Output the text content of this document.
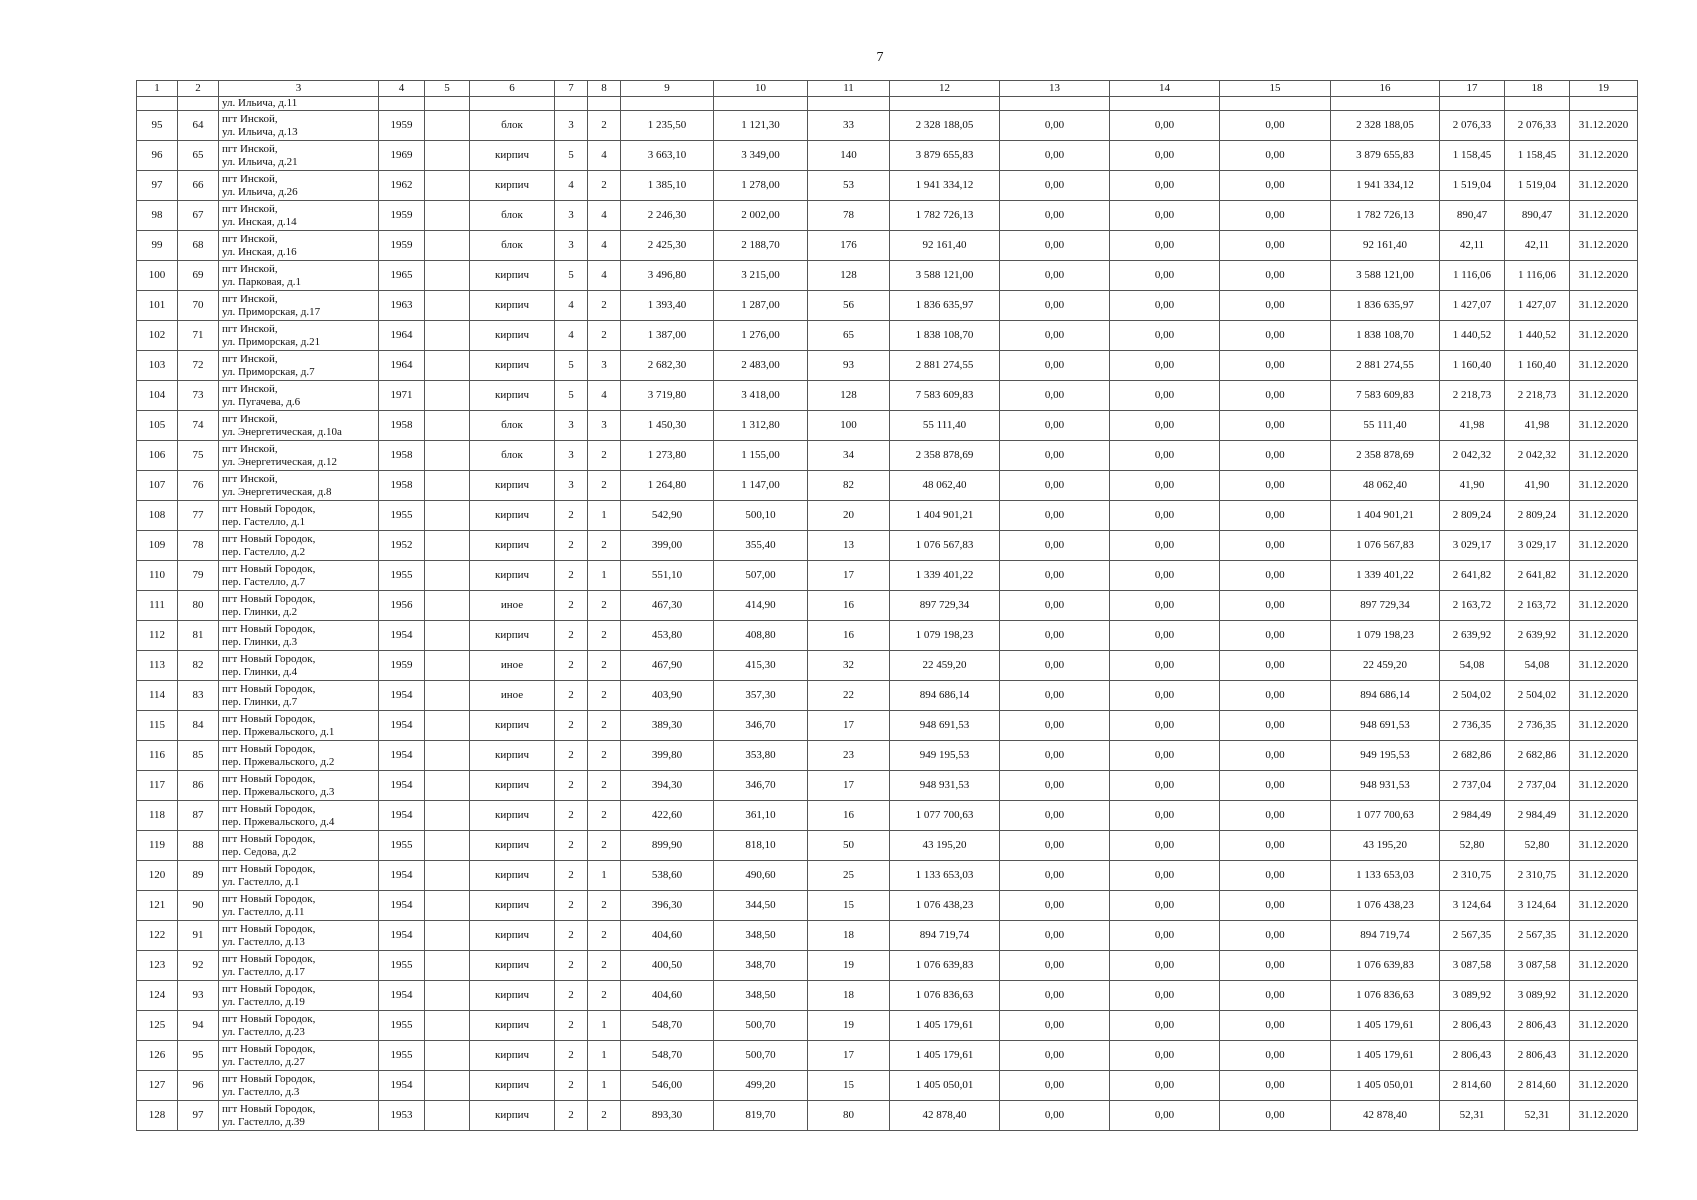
7
1	2	3	4	5	6	7	8	9	10	11	12	13	14	15	16	17	18	19
		ул. Ильича, д.11																
95	64	пгт Инской,
ул. Ильича, д.13	1959		блок	3	2	1 235,50	1 121,30	33	2 328 188,05	0,00	0,00	0,00	2 328 188,05	2 076,33	2 076,33	31.12.2020
96	65	пгт Инской,
ул. Ильича, д.21	1969		кирпич	5	4	3 663,10	3 349,00	140	3 879 655,83	0,00	0,00	0,00	3 879 655,83	1 158,45	1 158,45	31.12.2020
97	66	пгт Инской,
ул. Ильича, д.26	1962		кирпич	4	2	1 385,10	1 278,00	53	1 941 334,12	0,00	0,00	0,00	1 941 334,12	1 519,04	1 519,04	31.12.2020
98	67	пгт Инской,
ул. Инская, д.14	1959		блок	3	4	2 246,30	2 002,00	78	1 782 726,13	0,00	0,00	0,00	1 782 726,13	890,47	890,47	31.12.2020
99	68	пгт Инской,
ул. Инская, д.16	1959		блок	3	4	2 425,30	2 188,70	176	92 161,40	0,00	0,00	0,00	92 161,40	42,11	42,11	31.12.2020
100	69	пгт Инской,
ул. Парковая, д.1	1965		кирпич	5	4	3 496,80	3 215,00	128	3 588 121,00	0,00	0,00	0,00	3 588 121,00	1 116,06	1 116,06	31.12.2020
101	70	пгт Инской,
ул. Приморская, д.17	1963		кирпич	4	2	1 393,40	1 287,00	56	1 836 635,97	0,00	0,00	0,00	1 836 635,97	1 427,07	1 427,07	31.12.2020
102	71	пгт Инской,
ул. Приморская, д.21	1964		кирпич	4	2	1 387,00	1 276,00	65	1 838 108,70	0,00	0,00	0,00	1 838 108,70	1 440,52	1 440,52	31.12.2020
103	72	пгт Инской,
ул. Приморская, д.7	1964		кирпич	5	3	2 682,30	2 483,00	93	2 881 274,55	0,00	0,00	0,00	2 881 274,55	1 160,40	1 160,40	31.12.2020
104	73	пгт Инской,
ул. Пугачева, д.6	1971		кирпич	5	4	3 719,80	3 418,00	128	7 583 609,83	0,00	0,00	0,00	7 583 609,83	2 218,73	2 218,73	31.12.2020
105	74	пгт Инской,
ул. Энергетическая, д.10а	1958		блок	3	3	1 450,30	1 312,80	100	55 111,40	0,00	0,00	0,00	55 111,40	41,98	41,98	31.12.2020
106	75	пгт Инской,
ул. Энергетическая, д.12	1958		блок	3	2	1 273,80	1 155,00	34	2 358 878,69	0,00	0,00	0,00	2 358 878,69	2 042,32	2 042,32	31.12.2020
107	76	пгт Инской,
ул. Энергетическая, д.8	1958		кирпич	3	2	1 264,80	1 147,00	82	48 062,40	0,00	0,00	0,00	48 062,40	41,90	41,90	31.12.2020
108	77	пгт Новый Городок,
пер. Гастелло, д.1	1955		кирпич	2	1	542,90	500,10	20	1 404 901,21	0,00	0,00	0,00	1 404 901,21	2 809,24	2 809,24	31.12.2020
109	78	пгт Новый Городок,
пер. Гастелло, д.2	1952		кирпич	2	2	399,00	355,40	13	1 076 567,83	0,00	0,00	0,00	1 076 567,83	3 029,17	3 029,17	31.12.2020
110	79	пгт Новый Городок,
пер. Гастелло, д.7	1955		кирпич	2	1	551,10	507,00	17	1 339 401,22	0,00	0,00	0,00	1 339 401,22	2 641,82	2 641,82	31.12.2020
111	80	пгт Новый Городок,
пер. Глинки, д.2	1956		иное	2	2	467,30	414,90	16	897 729,34	0,00	0,00	0,00	897 729,34	2 163,72	2 163,72	31.12.2020
112	81	пгт Новый Городок,
пер. Глинки, д.3	1954		кирпич	2	2	453,80	408,80	16	1 079 198,23	0,00	0,00	0,00	1 079 198,23	2 639,92	2 639,92	31.12.2020
113	82	пгт Новый Городок,
пер. Глинки, д.4	1959		иное	2	2	467,90	415,30	32	22 459,20	0,00	0,00	0,00	22 459,20	54,08	54,08	31.12.2020
114	83	пгт Новый Городок,
пер. Глинки, д.7	1954		иное	2	2	403,90	357,30	22	894 686,14	0,00	0,00	0,00	894 686,14	2 504,02	2 504,02	31.12.2020
115	84	пгт Новый Городок,
пер. Пржевальского, д.1	1954		кирпич	2	2	389,30	346,70	17	948 691,53	0,00	0,00	0,00	948 691,53	2 736,35	2 736,35	31.12.2020
116	85	пгт Новый Городок,
пер. Пржевальского, д.2	1954		кирпич	2	2	399,80	353,80	23	949 195,53	0,00	0,00	0,00	949 195,53	2 682,86	2 682,86	31.12.2020
117	86	пгт Новый Городок,
пер. Пржевальского, д.3	1954		кирпич	2	2	394,30	346,70	17	948 931,53	0,00	0,00	0,00	948 931,53	2 737,04	2 737,04	31.12.2020
118	87	пгт Новый Городок,
пер. Пржевальского, д.4	1954		кирпич	2	2	422,60	361,10	16	1 077 700,63	0,00	0,00	0,00	1 077 700,63	2 984,49	2 984,49	31.12.2020
119	88	пгт Новый Городок,
пер. Седова, д.2	1955		кирпич	2	2	899,90	818,10	50	43 195,20	0,00	0,00	0,00	43 195,20	52,80	52,80	31.12.2020
120	89	пгт Новый Городок,
ул. Гастелло, д.1	1954		кирпич	2	1	538,60	490,60	25	1 133 653,03	0,00	0,00	0,00	1 133 653,03	2 310,75	2 310,75	31.12.2020
121	90	пгт Новый Городок,
ул. Гастелло, д.11	1954		кирпич	2	2	396,30	344,50	15	1 076 438,23	0,00	0,00	0,00	1 076 438,23	3 124,64	3 124,64	31.12.2020
122	91	пгт Новый Городок,
ул. Гастелло, д.13	1954		кирпич	2	2	404,60	348,50	18	894 719,74	0,00	0,00	0,00	894 719,74	2 567,35	2 567,35	31.12.2020
123	92	пгт Новый Городок,
ул. Гастелло, д.17	1955		кирпич	2	2	400,50	348,70	19	1 076 639,83	0,00	0,00	0,00	1 076 639,83	3 087,58	3 087,58	31.12.2020
124	93	пгт Новый Городок,
ул. Гастелло, д.19	1954		кирпич	2	2	404,60	348,50	18	1 076 836,63	0,00	0,00	0,00	1 076 836,63	3 089,92	3 089,92	31.12.2020
125	94	пгт Новый Городок,
ул. Гастелло, д.23	1955		кирпич	2	1	548,70	500,70	19	1 405 179,61	0,00	0,00	0,00	1 405 179,61	2 806,43	2 806,43	31.12.2020
126	95	пгт Новый Городок,
ул. Гастелло, д.27	1955		кирпич	2	1	548,70	500,70	17	1 405 179,61	0,00	0,00	0,00	1 405 179,61	2 806,43	2 806,43	31.12.2020
127	96	пгт Новый Городок,
ул. Гастелло, д.3	1954		кирпич	2	1	546,00	499,20	15	1 405 050,01	0,00	0,00	0,00	1 405 050,01	2 814,60	2 814,60	31.12.2020
128	97	пгт Новый Городок,
ул. Гастелло, д.39	1953		кирпич	2	2	893,30	819,70	80	42 878,40	0,00	0,00	0,00	42 878,40	52,31	52,31	31.12.2020
